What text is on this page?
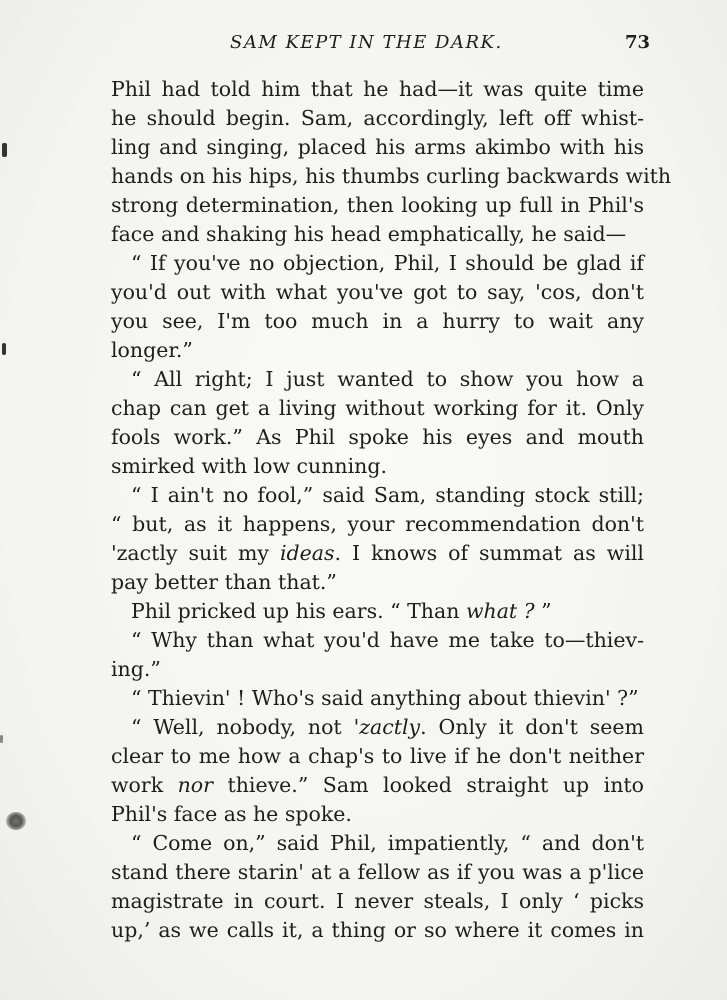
SAM KEPT IN THE DARK.	73
Phil had told him that he had—it was quite time
he should begin. Sam, accordingly, left off whist-
ling and singing, placed his arms akimbo with his
hands on his hips, his thumbs curling backwards with
strong determination, then looking up full in Phil's
face and shaking his head emphatically, he said—
“ If you've no objection, Phil, I should be glad if
you'd out with what you've got to say, 'cos, don't
you see, I'm too much in a hurry to wait any
longer.”
“ All right; I just wanted to show you how a
chap can get a living without working for it. Only
fools work.” As Phil spoke his eyes and mouth
smirked with low cunning.
“ I ain't no fool,” said Sam, standing stock still;
“ but, as it happens, your recommendation don't
'zactly suit my ideas. I knows of summat as will
pay better than that.”
Phil pricked up his ears. “ Than what ? ”
“ Why than what you'd have me take to—thiev-
ing.”
“ Thievin' ! Who's said anything about thievin' ?”
“ Well, nobody, not 'zactly. Only it don't seem
clear to me how a chap's to live if he don't neither
work nor thieve.” Sam looked straight up into
Phil's face as he spoke.
“ Come on,” said Phil, impatiently, “ and don't
stand there starin' at a fellow as if you was a p'lice
magistrate in court. I never steals, I only ‘ picks
up,’ as we calls it, a thing or so where it comes in
